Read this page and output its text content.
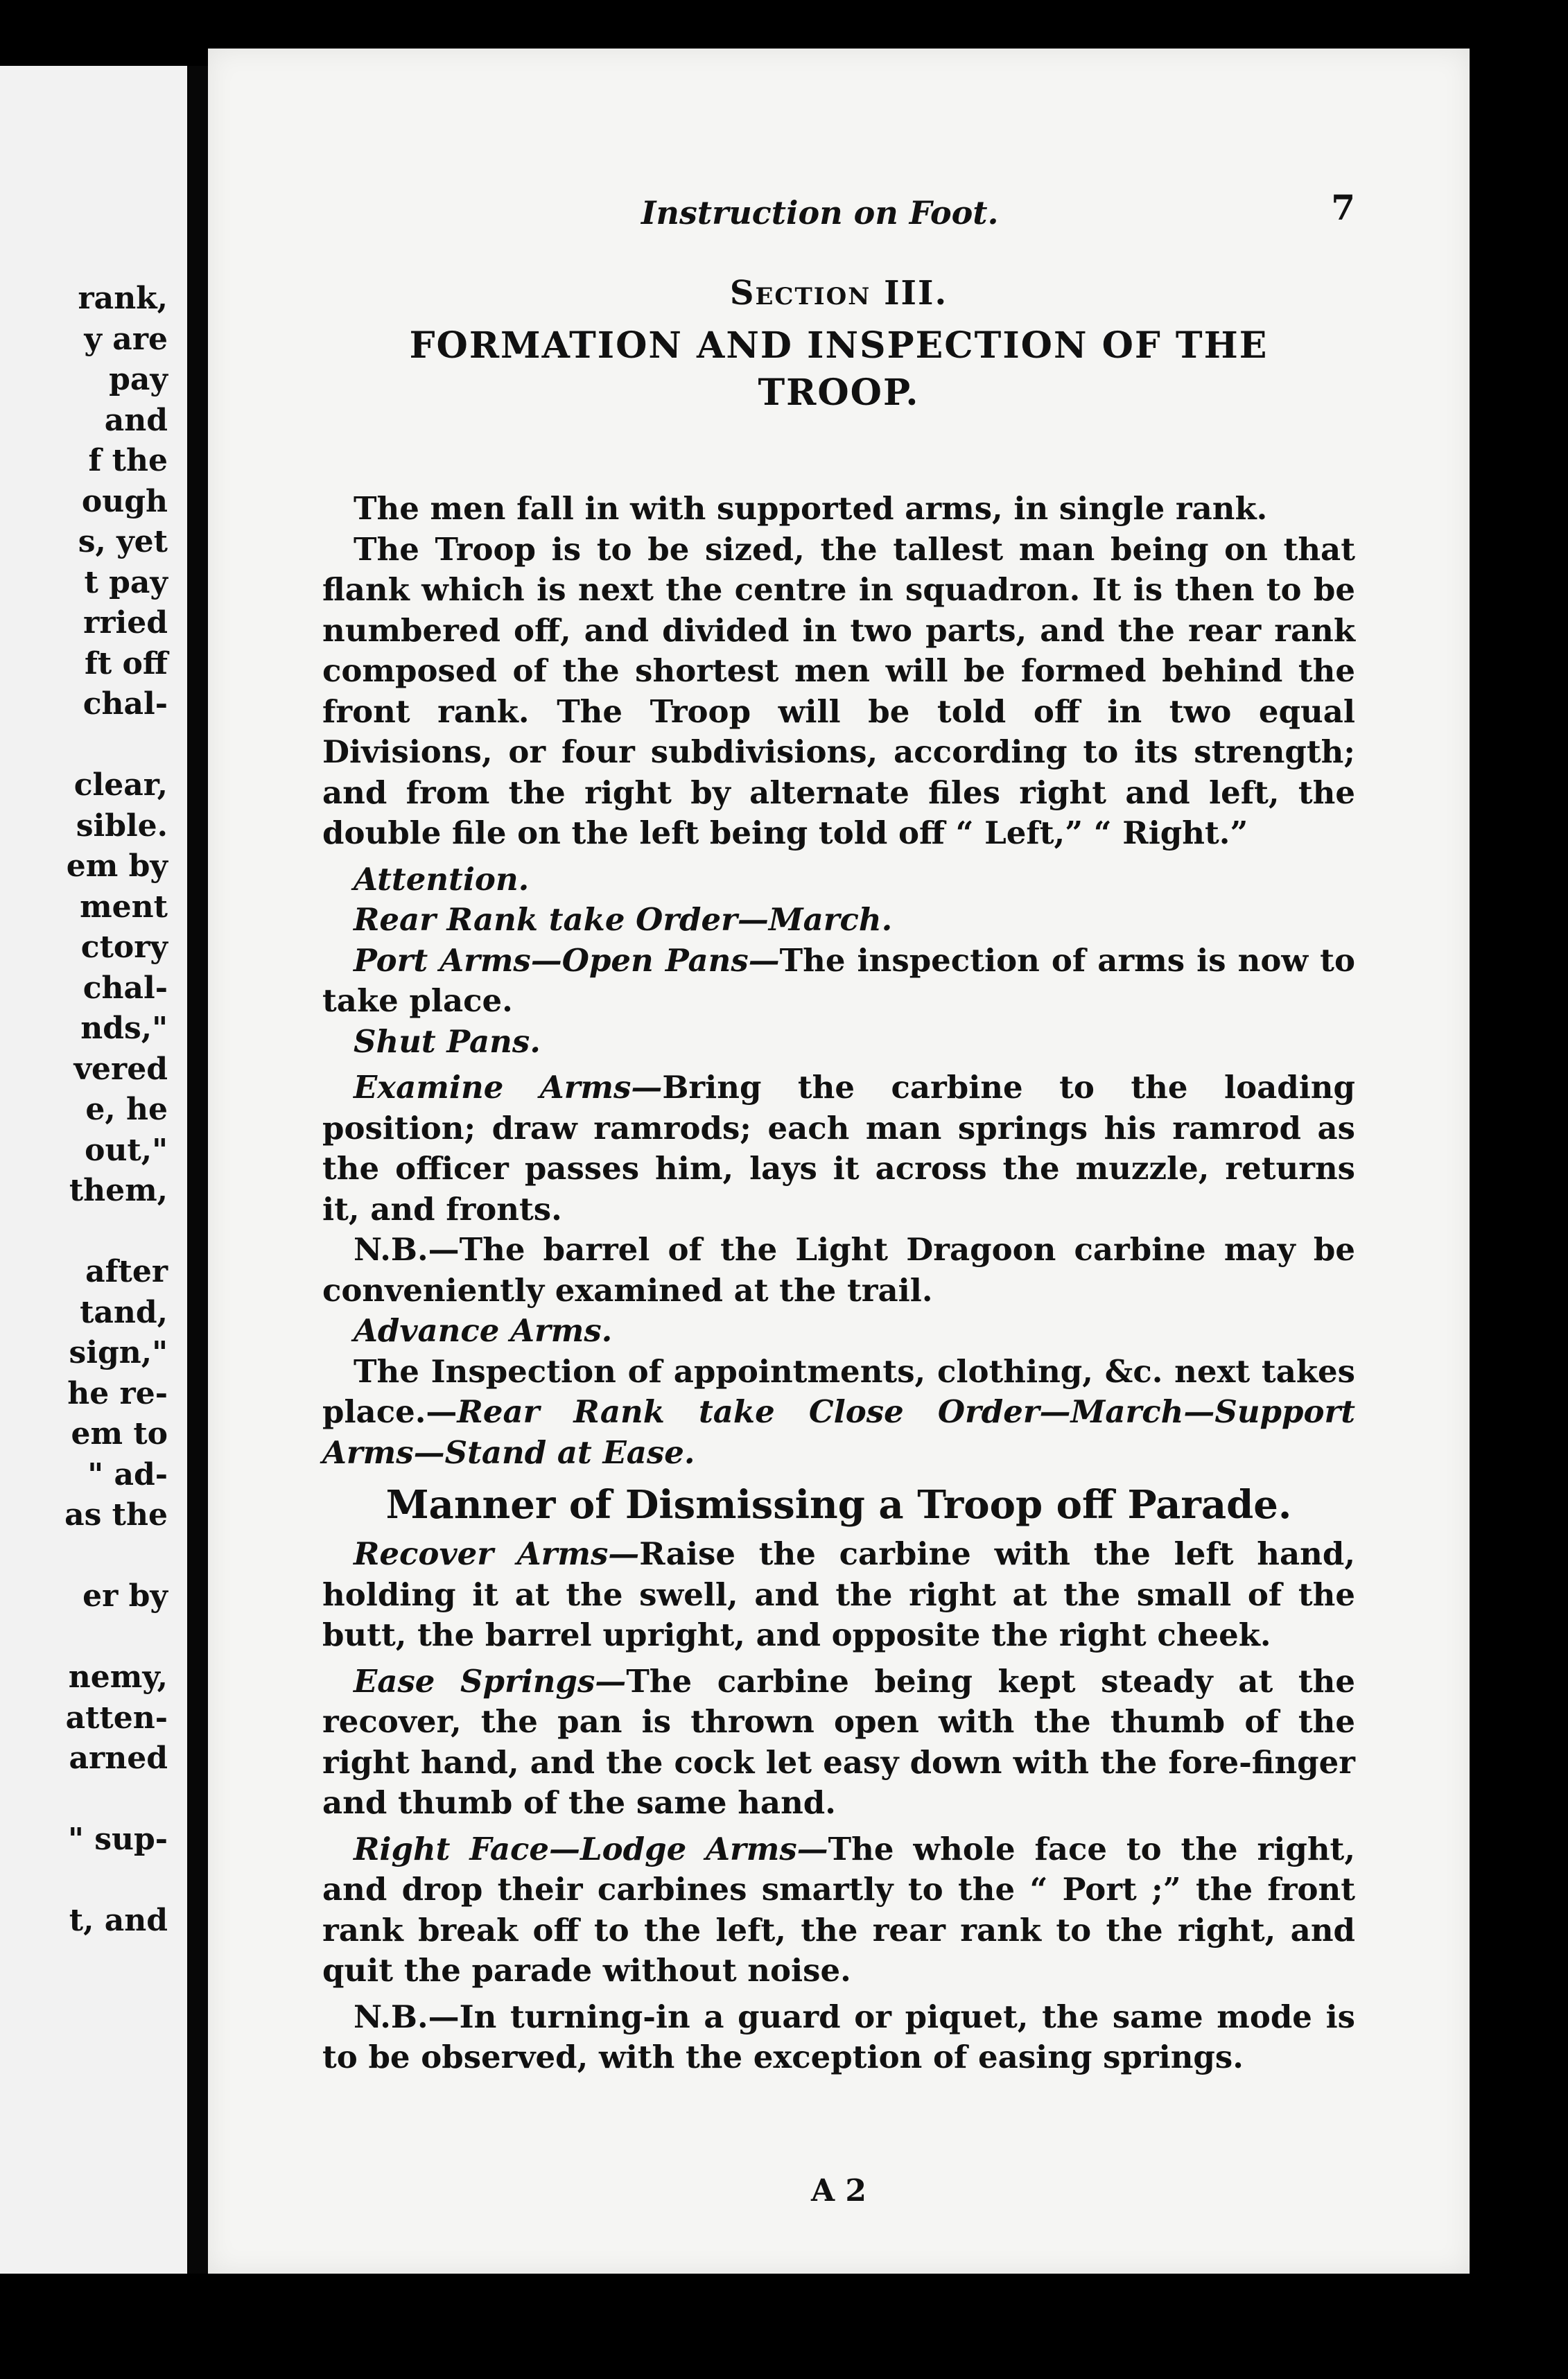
rank,
y are
pay
and
f the
ough
s, yet
t pay
rried
ft off
chal-
clear,
sible.
em by
ment
ctory
chal-
nds,"
vered
e, he
out,"
them,
after
tand,
sign,"
he re-
em to
" ad-
as the
er by
nemy,
atten-
arned
" sup-
t, and
Instruction on Foot.	7
Section III.
FORMATION AND INSPECTION OF THE TROOP.

The men fall in with supported arms, in single rank.

The Troop is to be sized, the tallest man being on that flank which is next the centre in squadron. It is then to be numbered off, and divided in two parts, and the rear rank composed of the shortest men will be formed behind the front rank. The Troop will be told off in two equal Divisions, or four subdivisions, according to its strength; and from the right by alternate files right and left, the double file on the left being told off “ Left,” “ Right.”

Attention.

Rear Rank take Order—March.

Port Arms—Open Pans—The inspection of arms is now to take place.

Shut Pans.

Examine Arms—Bring the carbine to the loading position; draw ramrods; each man springs his ramrod as the officer passes him, lays it across the muzzle, returns it, and fronts.

N.B.—The barrel of the Light Dragoon carbine may be conveniently examined at the trail.

Advance Arms.

The Inspection of appointments, clothing, &c. next takes place.—Rear Rank take Close Order—March—Support Arms—Stand at Ease.

Manner of Dismissing a Troop off Parade.

Recover Arms—Raise the carbine with the left hand, holding it at the swell, and the right at the small of the butt, the barrel upright, and opposite the right cheek.

Ease Springs—The carbine being kept steady at the recover, the pan is thrown open with the thumb of the right hand, and the cock let easy down with the fore-finger and thumb of the same hand.

Right Face—Lodge Arms—The whole face to the right, and drop their carbines smartly to the “ Port ;” the front rank break off to the left, the rear rank to the right, and quit the parade without noise.

N.B.—In turning-in a guard or piquet, the same mode is to be observed, with the exception of easing springs.

A 2
